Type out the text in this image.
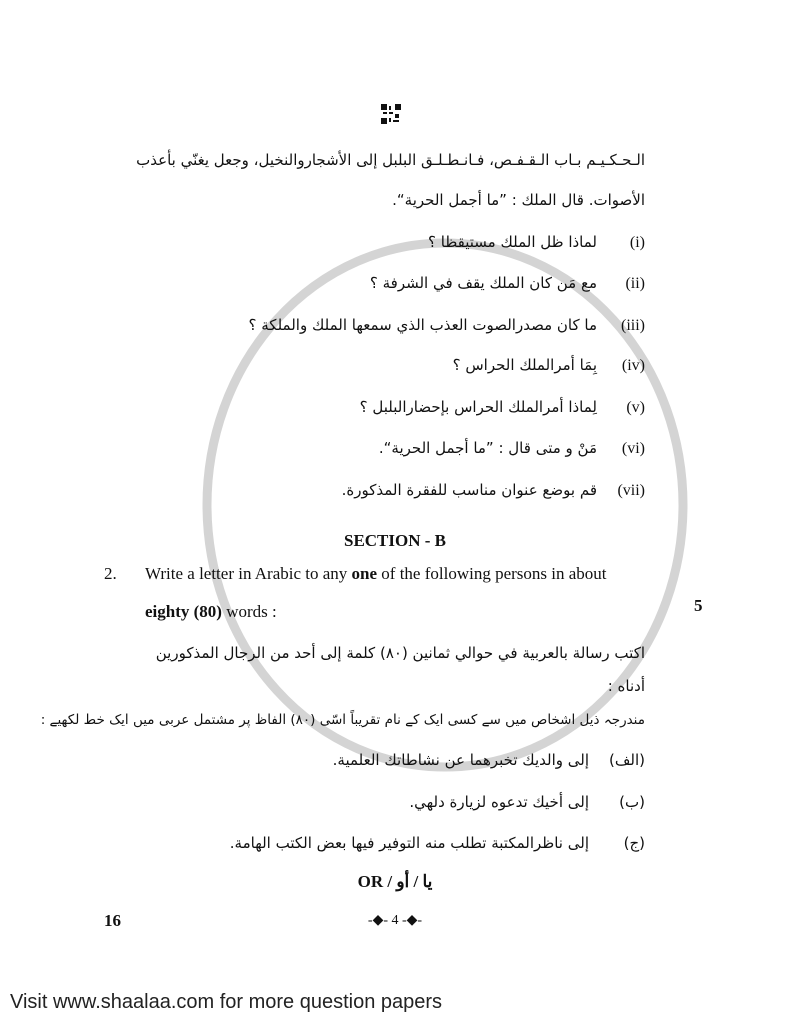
الـحـكـيـم بـاب الـقـفـص، فـانـطـلـق البلبل إلى الأشجاروالنخيل، وجعل يغنّي بأعذب
الأصوات. قال الملك : ”ما أجمل الحرية“.
(i)لماذا ظل الملك مستيقظا ؟
(ii)مع مَن كان الملك يقف في الشرفة ؟
(iii)ما كان مصدرالصوت العذب الذي سمعها الملك والملكة ؟
(iv)بِمَا أمرالملك الحراس ؟
(v)لِماذا أمرالملك الحراس بإحضارالبلبل ؟
(vi)مَنْ و متى قال : ”ما أجمل الحرية“.
(vii)قم بوضع عنوان مناسب للفقرة المذكورة.
SECTION - B
2. Write a letter in Arabic to any one of the following persons in about
eighty (80) words :	5
اكتب رسالة بالعربية في حوالي ثمانين (٨٠) كلمة إلى أحد من الرجال المذكورين
أدناه :
مندرجہ ذیل اشخاص میں سے کسی ایک کے نام تقریباً اسّی (۸۰) الفاظ پر مشتمل عربی میں ایک خط لکھیے :
(الف)إلى والديك تخبرهما عن نشاطاتك العلمية.
(ب)إلى أخيك تدعوه لزيارة دلهي.
(ج)إلى ناظرالمكتبة تطلب منه التوفير فيها بعض الكتب الهامة.
OR / يا / أو
16	-◆- 4 -◆-
Visit www.shaalaa.com for more question papers
